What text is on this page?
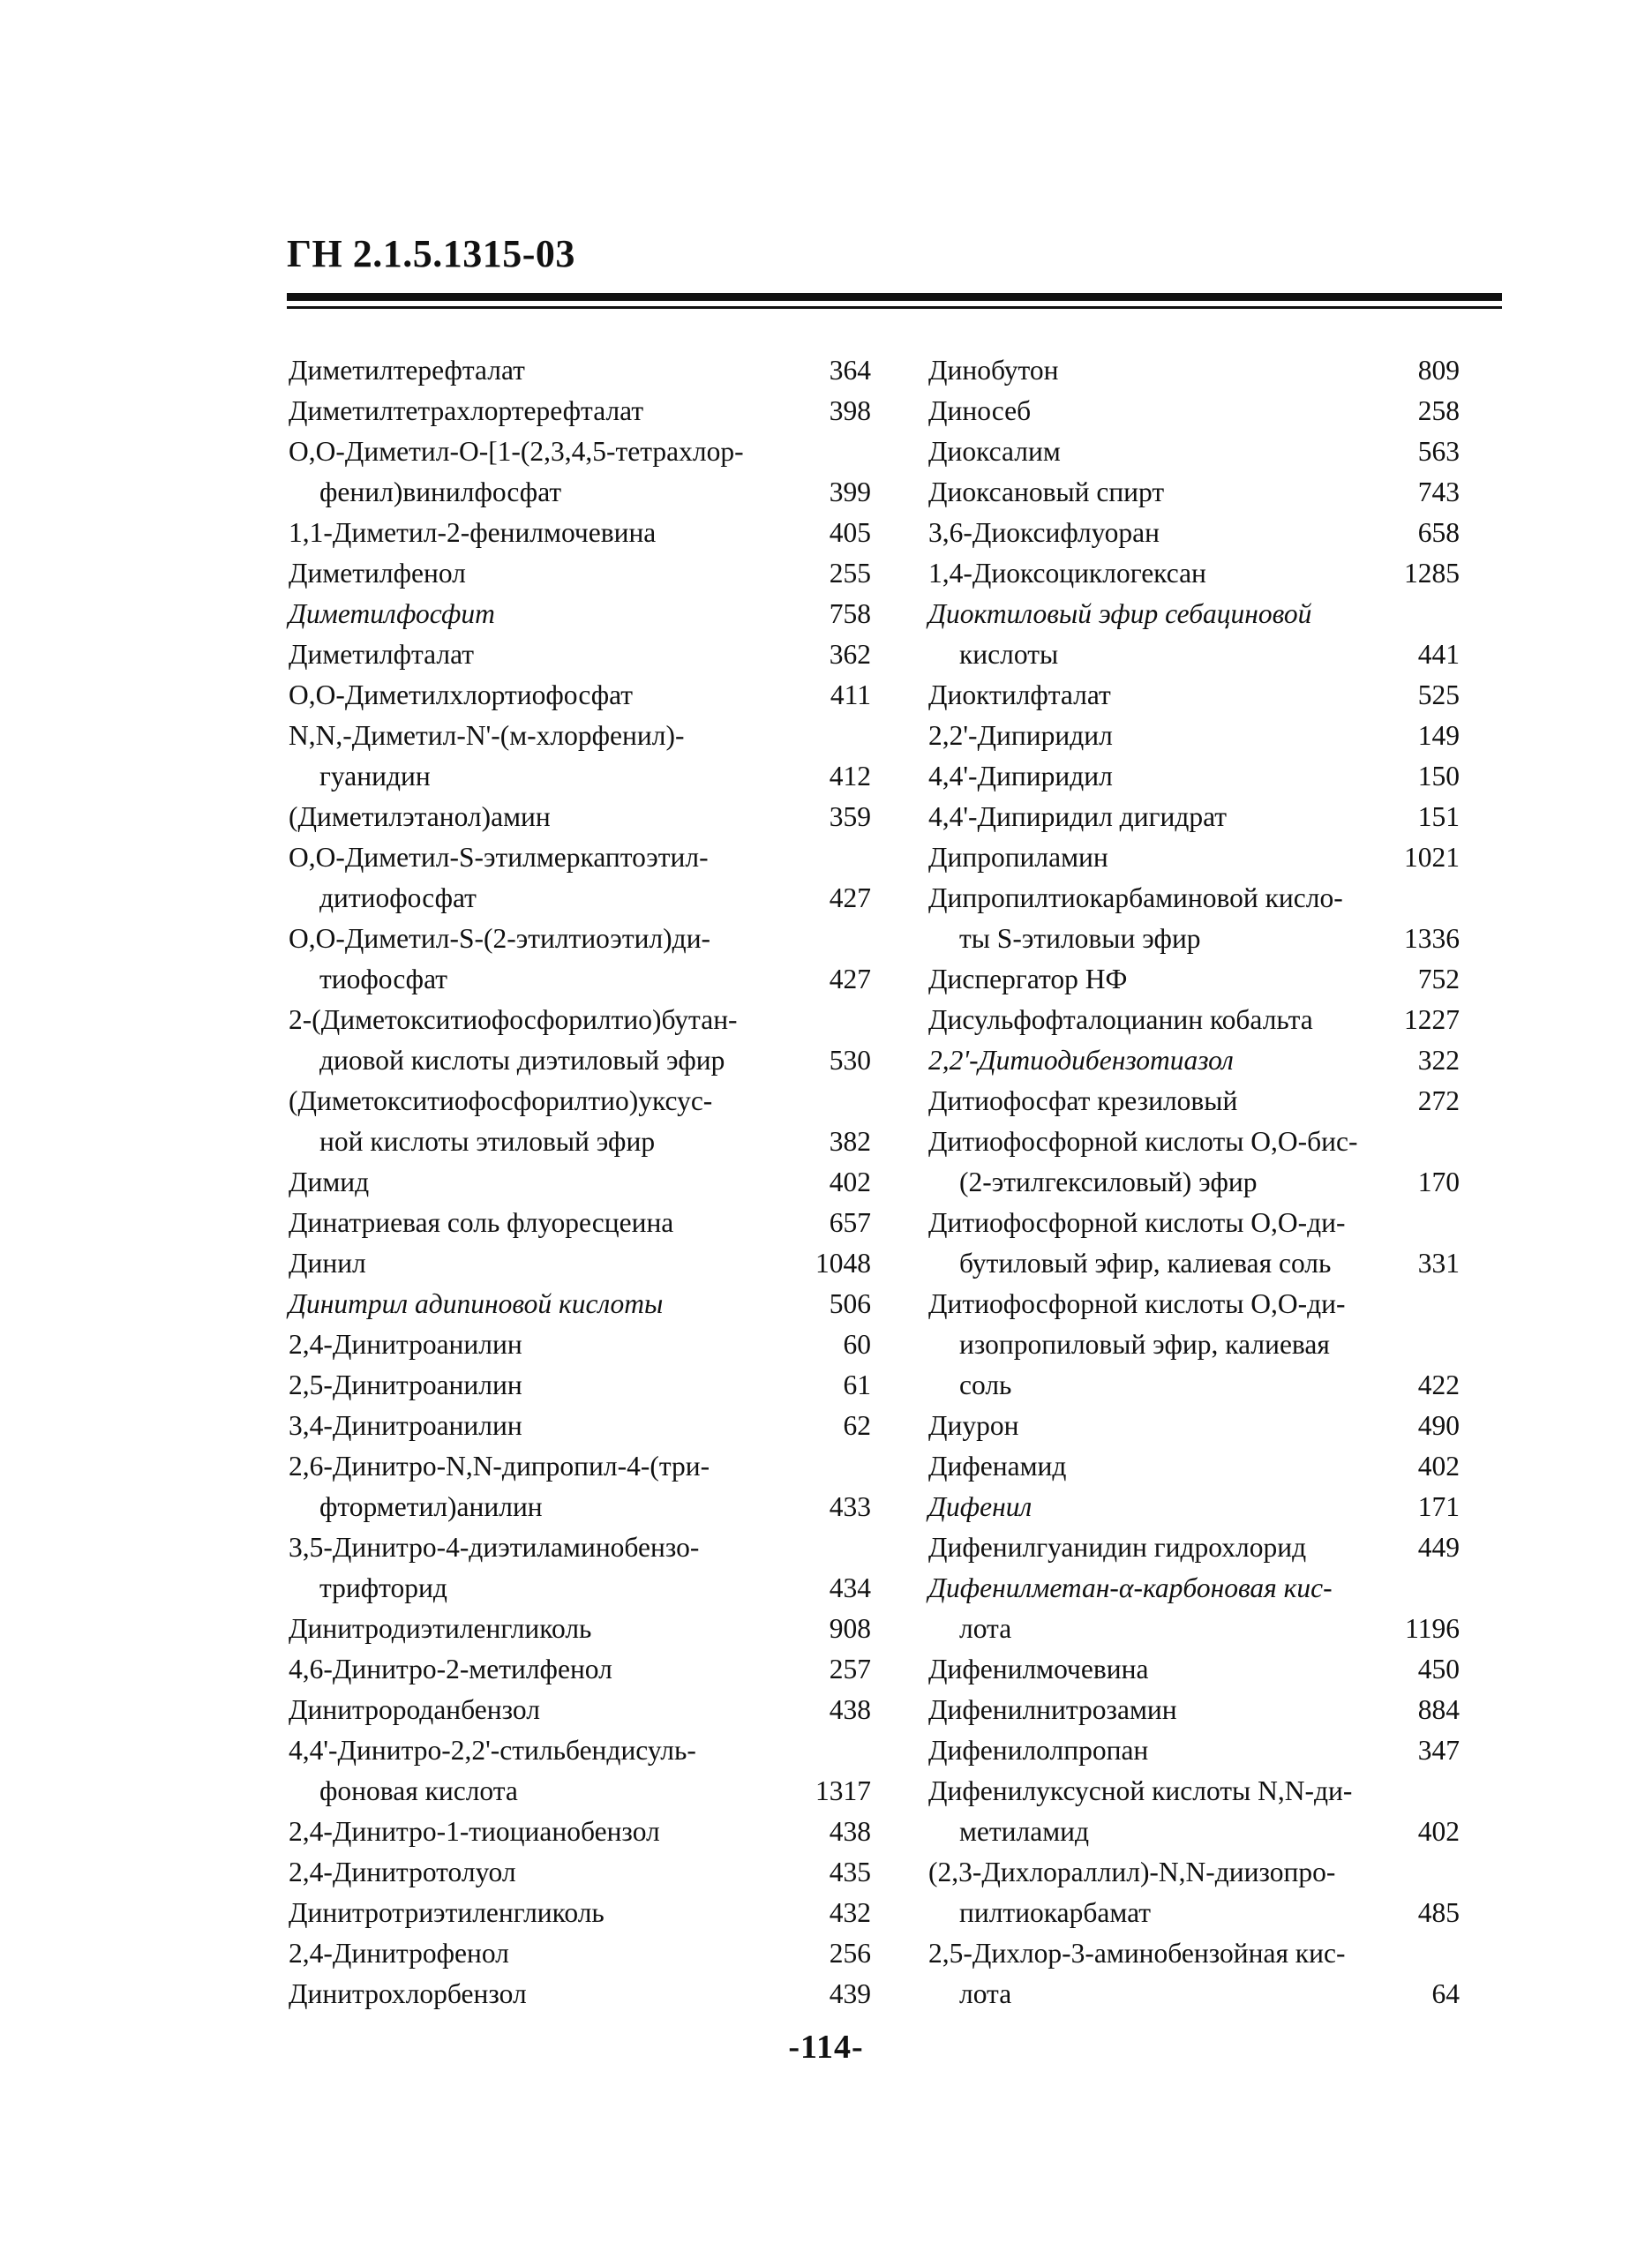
ГН 2.1.5.1315-03
Диметилтерефталат	364
Диметилтетрахлортерефталат	398
О,О-Диметил-О-[1-(2,3,4,5-тетрахлор-
фенил)винилфосфат	399
1,1-Диметил-2-фенилмочевина	405
Диметилфенол	255
Диметилфосфит	758
Диметилфталат	362
О,О-Диметилхлортиофосфат	411
N,N,-Диметил-N'-(м-хлорфенил)-
гуанидин	412
(Диметилэтанол)амин	359
О,О-Диметил-S-этилмеркаптоэтил-
дитиофосфат	427
О,О-Диметил-S-(2-этилтиоэтил)ди-
тиофосфат	427
2-(Диметокситиофосфорилтио)бутан-
диовой кислоты диэтиловый эфир	530
(Диметокситиофосфорилтио)уксус-
ной кислоты этиловый эфир	382
Димид	402
Динатриевая соль флуоресцеина	657
Динил	1048
Динитрил адипиновой кислоты	506
2,4-Динитроанилин	60
2,5-Динитроанилин	61
3,4-Динитроанилин	62
2,6-Динитро-N,N-дипропил-4-(три-
фторметил)анилин	433
3,5-Динитро-4-диэтиламинобензо-
трифторид	434
Динитродиэтиленгликоль	908
4,6-Динитро-2-метилфенол	257
Динитророданбензол	438
4,4'-Динитро-2,2'-стильбендисуль-
фоновая кислота	1317
2,4-Динитро-1-тиоцианобензол	438
2,4-Динитротолуол	435
Динитротриэтиленгликоль	432
2,4-Динитрофенол	256
Динитрохлорбензол	439
Динобутон	809
Диносеб	258
Диоксалим	563
Диоксановый спирт	743
3,6-Диоксифлуоран	658
1,4-Диоксоциклогексан	1285
Диоктиловый эфир себациновой
кислоты	441
Диоктилфталат	525
2,2'-Дипиридил	149
4,4'-Дипиридил	150
4,4'-Дипиридил дигидрат	151
Дипропиламин	1021
Дипропилтиокарбаминовой кисло-
ты S-этиловыи эфир	1336
Диспергатор НФ	752
Дисульфофталоцианин кобальта	1227
2,2'-Дитиодибензотиазол	322
Дитиофосфат крезиловый	272
Дитиофосфорной кислоты О,О-бис-
(2-этилгексиловый) эфир	170
Дитиофосфорной кислоты О,О-ди-
бутиловый эфир, калиевая соль	331
Дитиофосфорной кислоты О,О-ди-
изопропиловый эфир, калиевая
соль	422
Диурон	490
Дифенамид	402
Дифенил	171
Дифенилгуанидин гидрохлорид	449
Дифенилметан-α-карбоновая кис-
лота	1196
Дифенилмочевина	450
Дифенилнитрозамин	884
Дифенилолпропан	347
Дифенилуксусной кислоты N,N-ди-
метиламид	402
(2,3-Дихлораллил)-N,N-диизопро-
пилтиокарбамат	485
2,5-Дихлор-3-аминобензойная кис-
лота	64
-114-
